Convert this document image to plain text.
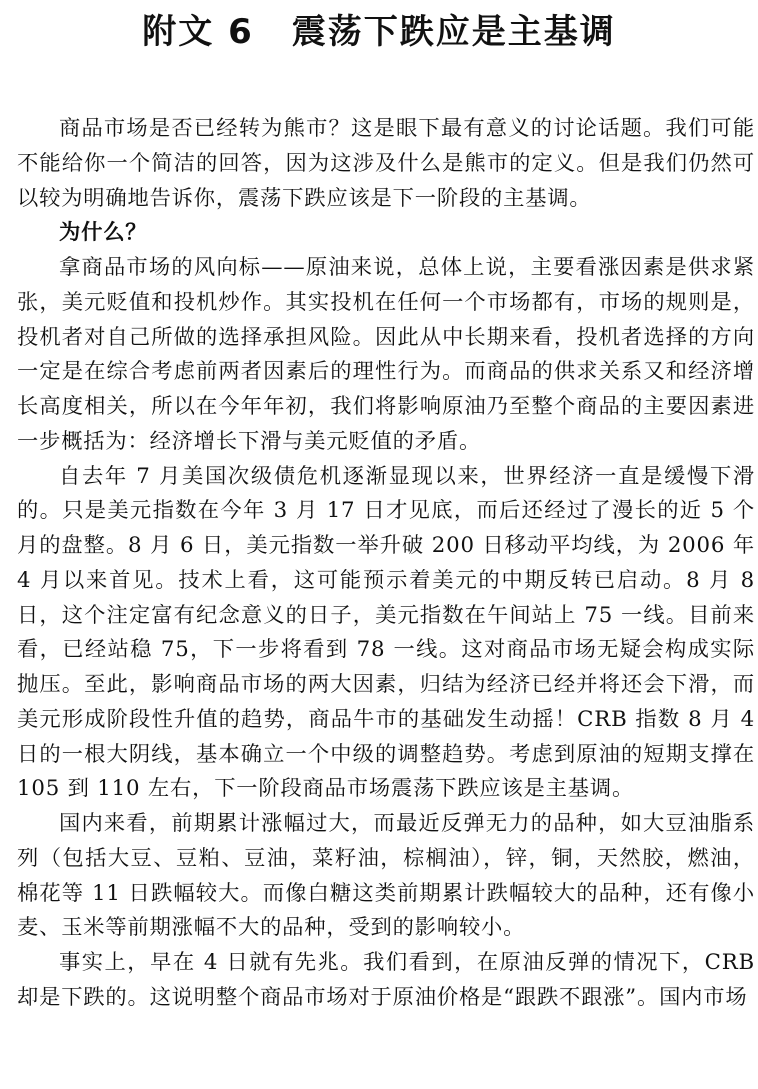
附文 6 震荡下跌应是主基调

商品市场是否已经转为熊市？这是眼下最有意义的讨论话题。我们可能不能给你一个简洁的回答，因为这涉及什么是熊市的定义。但是我们仍然可以较为明确地告诉你，震荡下跌应该是下一阶段的主基调。

为什么？

拿商品市场的风向标——原油来说，总体上说，主要看涨因素是供求紧张，美元贬值和投机炒作。其实投机在任何一个市场都有，市场的规则是，投机者对自己所做的选择承担风险。因此从中长期来看，投机者选择的方向一定是在综合考虑前两者因素后的理性行为。而商品的供求关系又和经济增长高度相关，所以在今年年初，我们将影响原油乃至整个商品的主要因素进一步概括为：经济增长下滑与美元贬值的矛盾。

自去年 7 月美国次级债危机逐渐显现以来，世界经济一直是缓慢下滑的。只是美元指数在今年 3 月 17 日才见底，而后还经过了漫长的近 5 个月的盘整。8 月 6 日，美元指数一举升破 200 日移动平均线，为 2006 年 4 月以来首见。技术上看，这可能预示着美元的中期反转已启动。8 月 8 日，这个注定富有纪念意义的日子，美元指数在午间站上 75 一线。目前来看，已经站稳 75，下一步将看到 78 一线。这对商品市场无疑会构成实际抛压。至此，影响商品市场的两大因素，归结为经济已经并将还会下滑，而美元形成阶段性升值的趋势，商品牛市的基础发生动摇！CRB 指数 8 月 4 日的一根大阴线，基本确立一个中级的调整趋势。考虑到原油的短期支撑在 105 到 110 左右，下一阶段商品市场震荡下跌应该是主基调。

国内来看，前期累计涨幅过大，而最近反弹无力的品种，如大豆油脂系列（包括大豆、豆粕、豆油，菜籽油，棕榈油），锌，铜，天然胶，燃油，棉花等 11 日跌幅较大。而像白糖这类前期累计跌幅较大的品种，还有像小麦、玉米等前期涨幅不大的品种，受到的影响较小。

事实上，早在 4 日就有先兆。我们看到，在原油反弹的情况下，CRB 却是下跌的。这说明整个商品市场对于原油价格是“跟跌不跟涨”。国内市场
